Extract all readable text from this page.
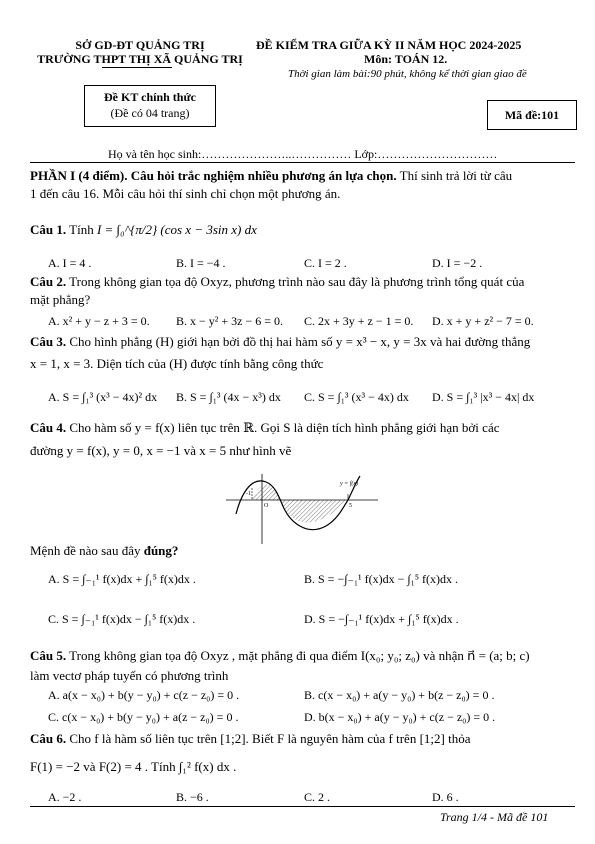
SỞ GD-ĐT QUẢNG TRỊ
TRƯỜNG THPT THỊ XÃ QUẢNG TRỊ
ĐỀ KIỂM TRA GIỮA KỲ II NĂM HỌC 2024-2025
Môn: TOÁN 12.
Thời gian làm bài:90 phút, không kể thời gian giao đề
Đề KT chính thức
(Đề có 04 trang)	Mã đề:101
Họ và tên học sinh:…………………..…………… Lớp:…………………………
PHẦN I (4 điểm). Câu hỏi trắc nghiệm nhiều phương án lựa chọn. Thí sinh trả lời từ câu
1 đến câu 16. Mỗi câu hỏi thí sinh chỉ chọn một phương án.
Câu 1. Tính I = ∫₀^{π/2} (cos x − 3sin x) dx
A. I = 4 .	B. I = −4 .	C. I = 2 .	D. I = −2 .
Câu 2. Trong không gian tọa độ Oxyz, phương trình nào sau đây là phương trình tổng quát của
mặt phẳng?
A. x² + y − z + 3 = 0. B. x − y² + 3z − 6 = 0. C. 2x + 3y + z − 1 = 0. D. x + y + z² − 7 = 0.
Câu 3. Cho hình phẳng (H) giới hạn bởi đồ thị hai hàm số y = x³ − x, y = 3x và hai đường thẳng
x = 1, x = 3. Diện tích của (H) được tính bằng công thức
A. S = ∫₁³ (x³ − 4x)² dx B. S = ∫₁³ (4x − x³) dx C. S = ∫₁³ (x³ − 4x) dx D. S = ∫₁³ |x³ − 4x| dx
Câu 4. Cho hàm số y = f(x) liên tục trên ℝ. Gọi S là diện tích hình phẳng giới hạn bởi các
đường y = f(x), y = 0, x = −1 và x = 5 như hình vẽ
y = f(x)
-1
O	5
Mệnh đề nào sau đây đúng?
A. S = ∫₋₁¹ f(x)dx + ∫₁⁵ f(x)dx .	B. S = −∫₋₁¹ f(x)dx − ∫₁⁵ f(x)dx .
C. S = ∫₋₁¹ f(x)dx − ∫₁⁵ f(x)dx .	D. S = −∫₋₁¹ f(x)dx + ∫₁⁵ f(x)dx .
Câu 5. Trong không gian tọa độ Oxyz , mặt phẳng đi qua điểm I(x₀; y₀; z₀) và nhận n⃗ = (a; b; c)
làm vectơ pháp tuyến có phương trình
A. a(x − x₀) + b(y − y₀) + c(z − z₀) = 0 .	B. c(x − x₀) + a(y − y₀) + b(z − z₀) = 0 .
C. c(x − x₀) + b(y − y₀) + a(z − z₀) = 0 .	D. b(x − x₀) + a(y − y₀) + c(z − z₀) = 0 .
Câu 6. Cho f là hàm số liên tục trên [1;2]. Biết F là nguyên hàm của f trên [1;2] thỏa
F(1) = −2 và F(2) = 4 . Tính ∫₁² f(x) dx .
A. −2 .	B. −6 .	C. 2 .	D. 6 .
Trang 1/4 - Mã đề 101
